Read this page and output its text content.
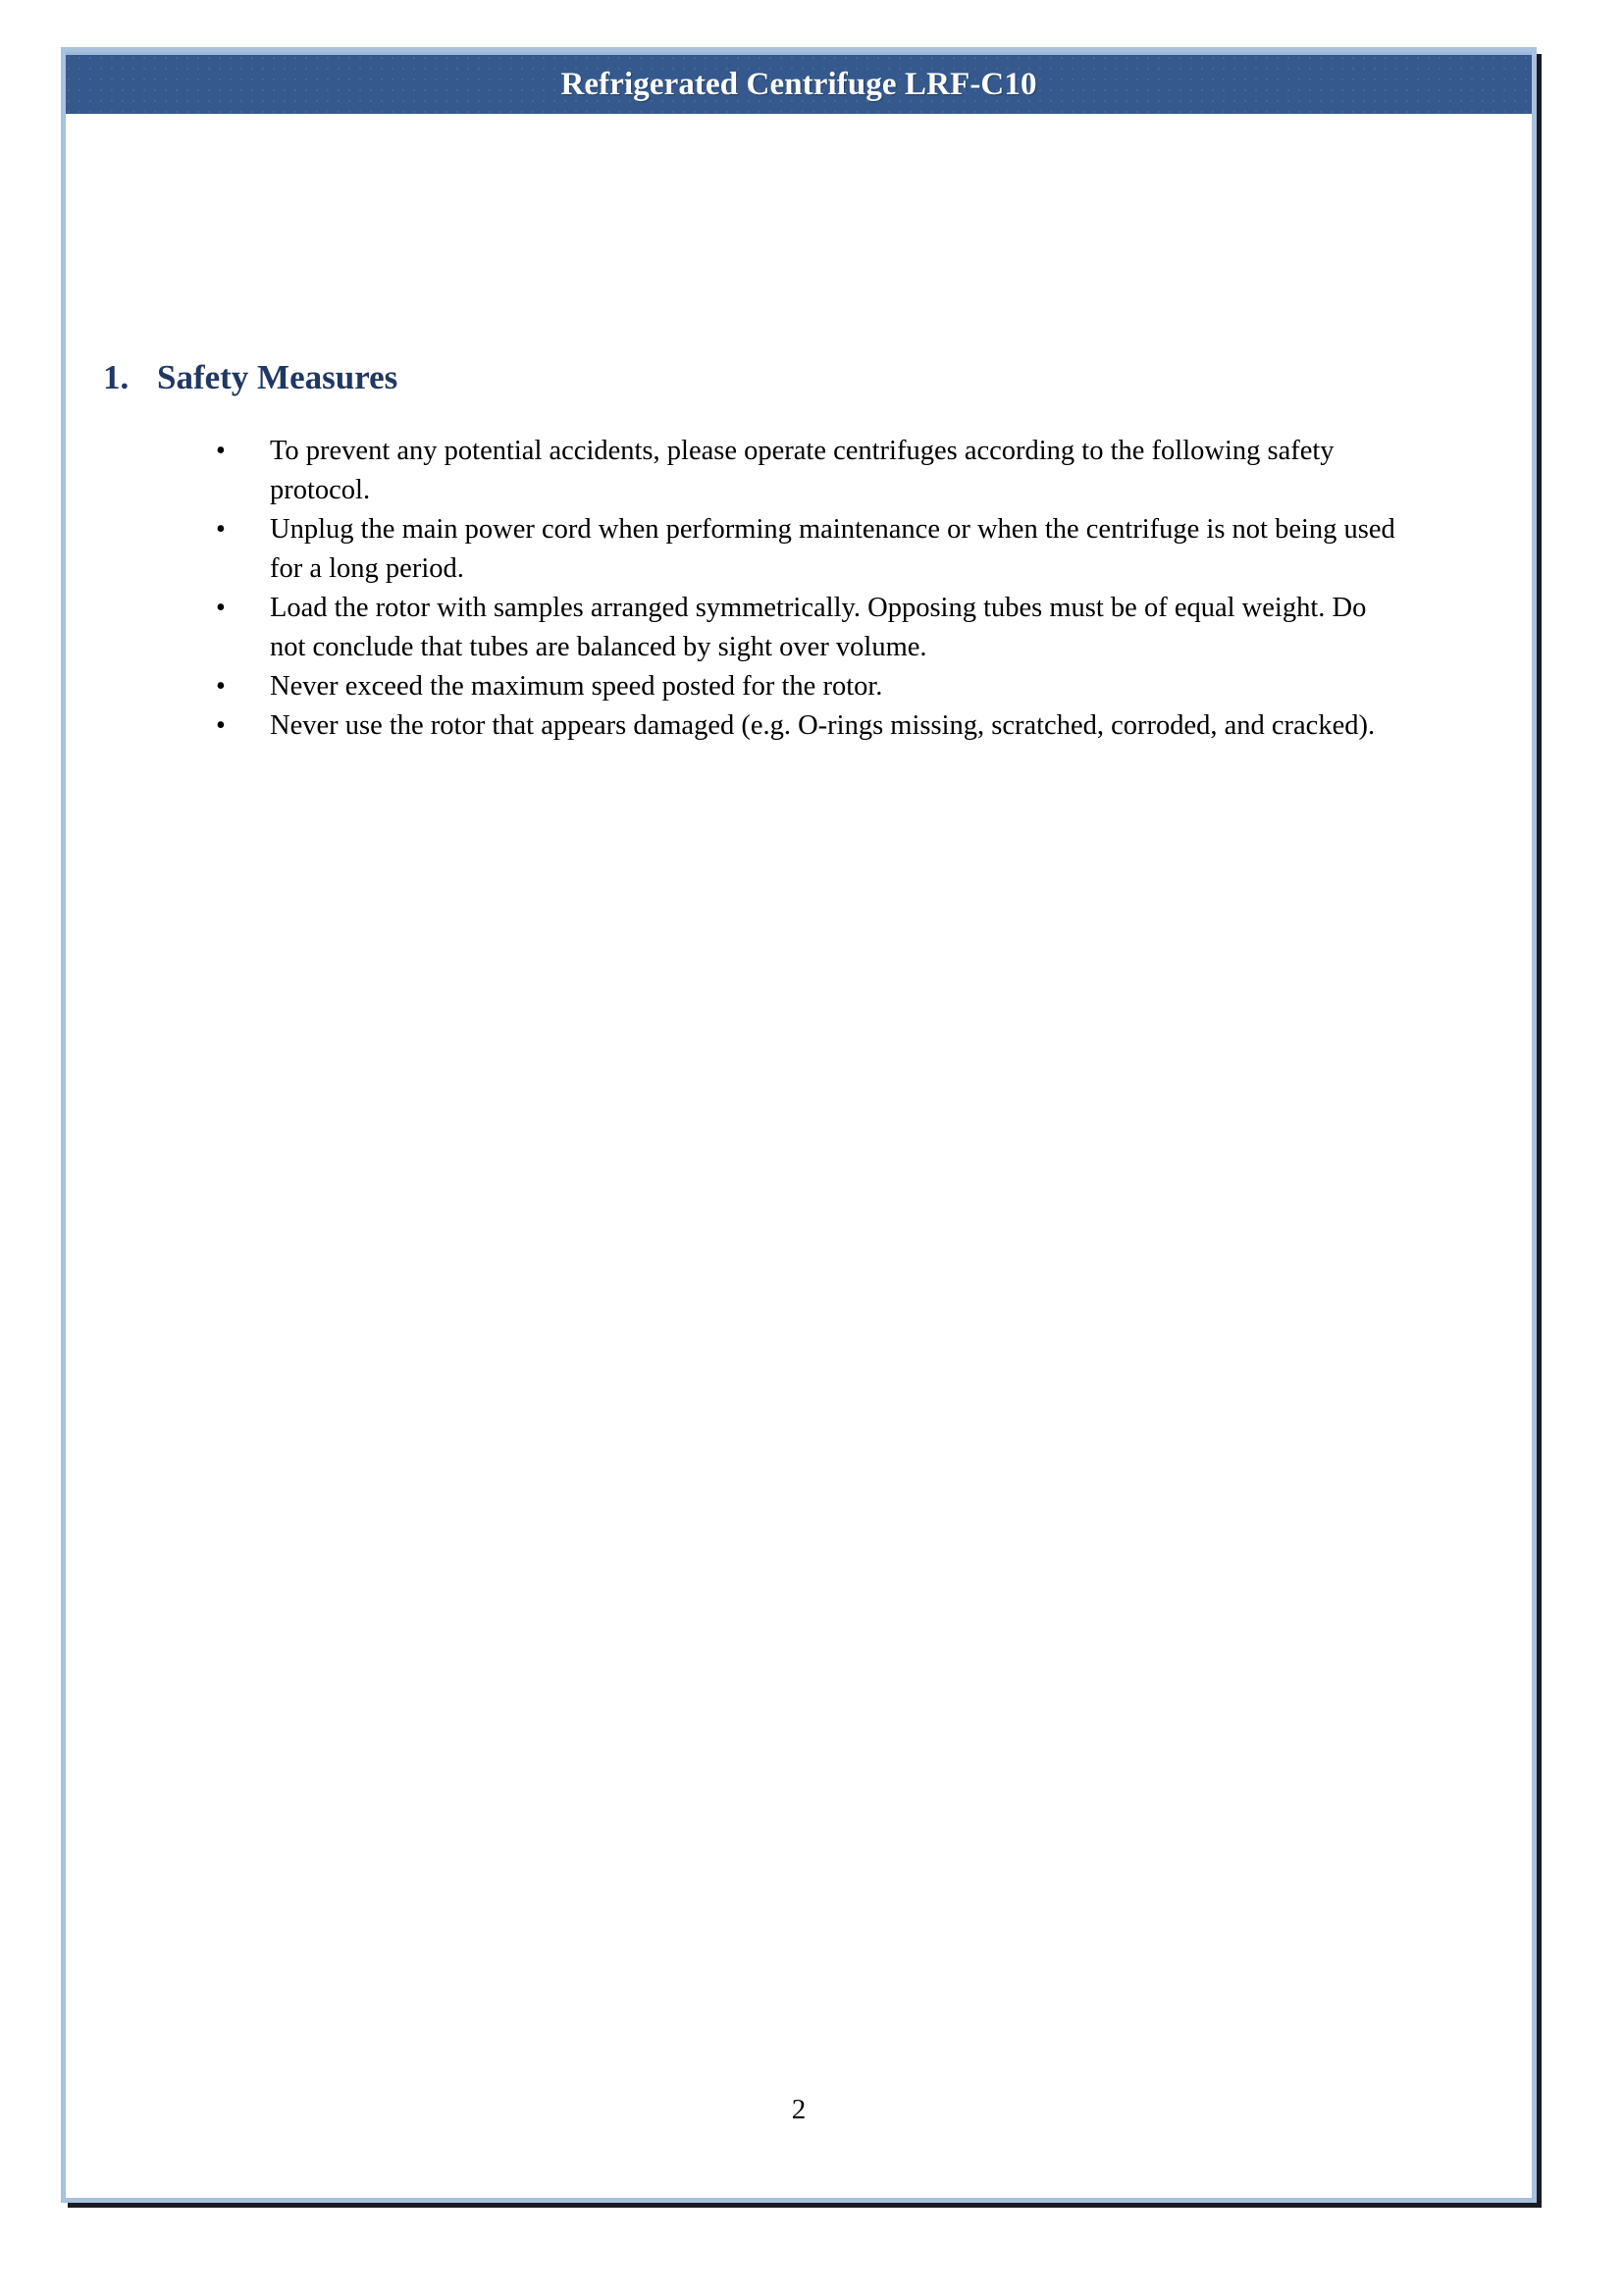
Refrigerated Centrifuge LRF-C10
1. Safety Measures
•	To prevent any potential accidents, please operate centrifuges according to the following safety protocol.
•	Unplug the main power cord when performing maintenance or when the centrifuge is not being used for a long period.
•	Load the rotor with samples arranged symmetrically. Opposing tubes must be of equal weight. Do not conclude that tubes are balanced by sight over volume.
•	Never exceed the maximum speed posted for the rotor.
•	Never use the rotor that appears damaged (e.g. O-rings missing, scratched, corroded, and cracked).
2
